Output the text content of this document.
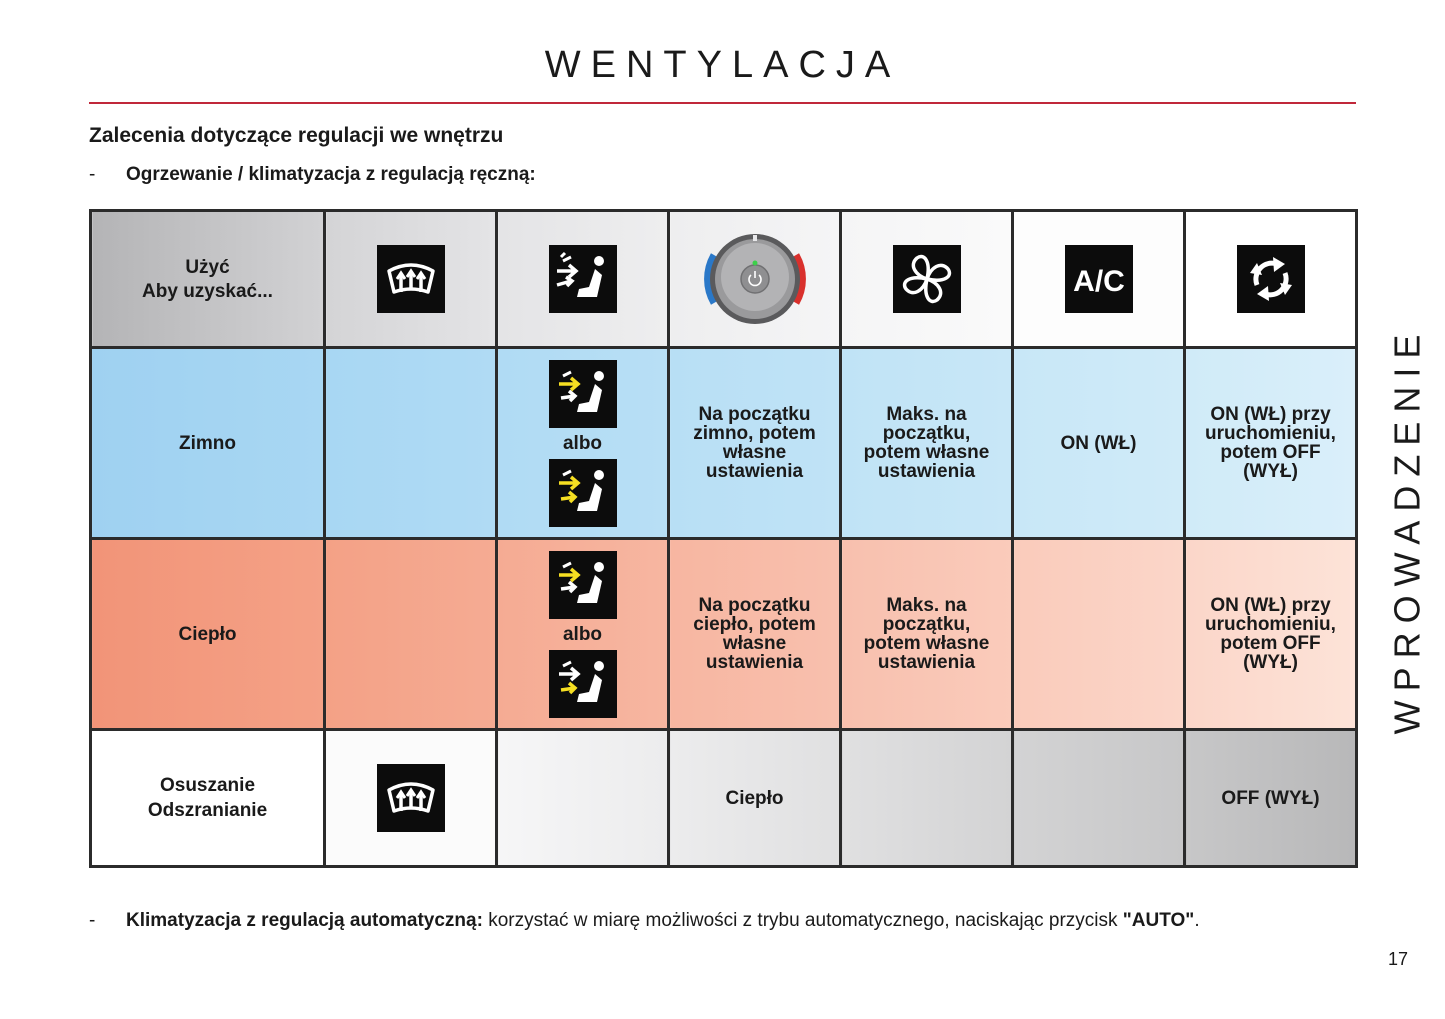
WENTYLACJA
Zalecenia dotyczące regulacji we wnętrzu
- Ogrzewanie / klimatyzacja z regulacją ręczną:
WPROWADZENIE
Użyć
Aby uzyskać...					A/C

Zimno		albo	Na początku zimno, potem własne ustawienia	Maks. na początku, potem własne ustawienia	ON (WŁ)	ON (WŁ) przy uruchomieniu, potem OFF (WYŁ)

Ciepło		albo	Na początku ciepło, potem własne ustawienia	Maks. na początku, potem własne ustawienia		ON (WŁ) przy uruchomieniu, potem OFF (WYŁ)

Osuszanie
Odszranianie			Ciepło			OFF (WYŁ)
- Klimatyzacja z regulacją automatyczną: korzystać w miarę możliwości z trybu automatycznego, naciskając przycisk "AUTO".
17
